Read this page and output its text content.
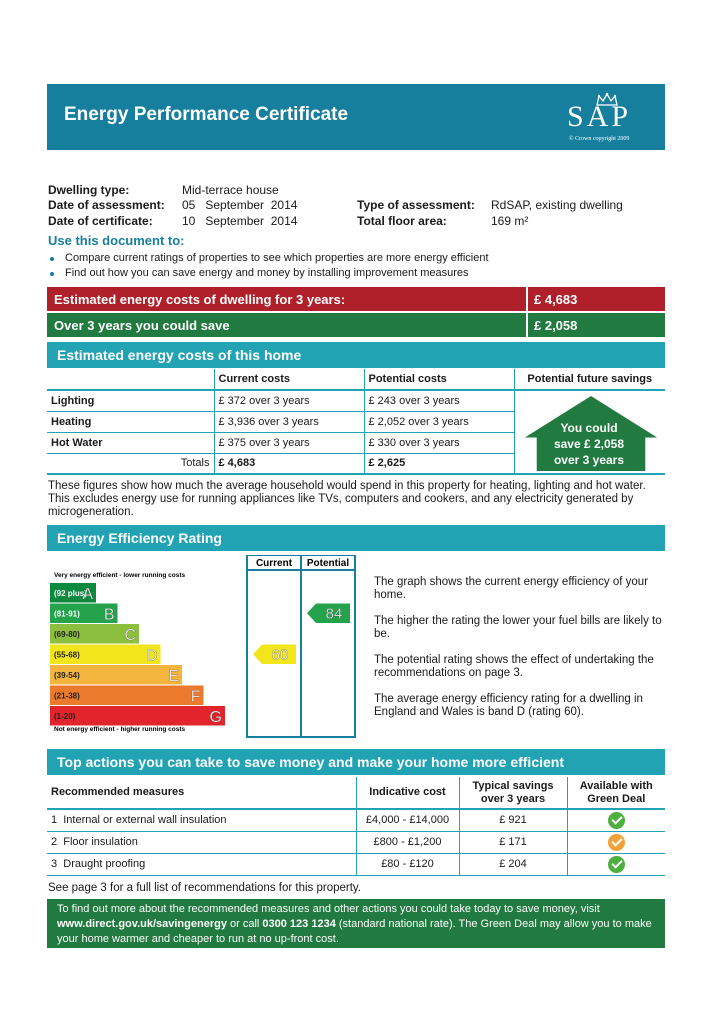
Energy Performance Certificate	SAP
© Crown copyright 2009
Dwelling type:	Mid-terrace house
Date of assessment: 05   September  2014
Date of certificate: 10   September  2014
Type of assessment: RdSAP, existing dwelling
Total floor area:	169 m²
Use this document to:
Compare current ratings of properties to see which properties are more energy efficient
Find out how you can save energy and money by installing improvement measures
Estimated energy costs of dwelling for 3 years:	£ 4,683
Over 3 years you could save	£ 2,058
Estimated energy costs of this home
	Current costs	Potential costs	Potential future savings
Lighting	£ 372 over 3 years	£ 243 over 3 years	
Heating	£ 3,936 over 3 years	£ 2,052 over 3 years	
Hot Water	£ 375 over 3 years	£ 330 over 3 years	
Totals	£ 4,683	£ 2,625	
You could
save £ 2,058
over 3 years
These figures show how much the average household would spend in this property for heating, lighting and hot water. This excludes energy use for running appliances like TVs, computers and cookers, and any electricity generated by microgeneration.
Energy Efficiency Rating
Current Potential
Very energy efficient - lower running costs
Not energy efficient - higher running costs
(92 plus)
A
(81-91) B
(69-80)	C
(55-68)	D
(39-54)	E
(21-38)	F
(1-20)	G
60
84

The graph shows the current energy efficiency of your home.

The higher the rating the lower your fuel bills are likely to be.

The potential rating shows the effect of undertaking the recommendations on page 3.

The average energy efficiency rating for a dwelling in England and Wales is band D (rating 60).

Top actions you can take to save money and make your home more efficient
Recommended measures	Indicative cost	Typical savings over 3 years	Available with Green Deal
1 Internal or external wall insulation	£4,000 - £14,000	£ 921	
2 Floor insulation	£800 - £1,200	£ 171	
3 Draught proofing	£80 - £120	£ 204	
See page 3 for a full list of recommendations for this property.
To find out more about the recommended measures and other actions you could take today to save money, visit www.direct.gov.uk/savingenergy or call 0300 123 1234 (standard national rate). The Green Deal may allow you to make your home warmer and cheaper to run at no up-front cost.
